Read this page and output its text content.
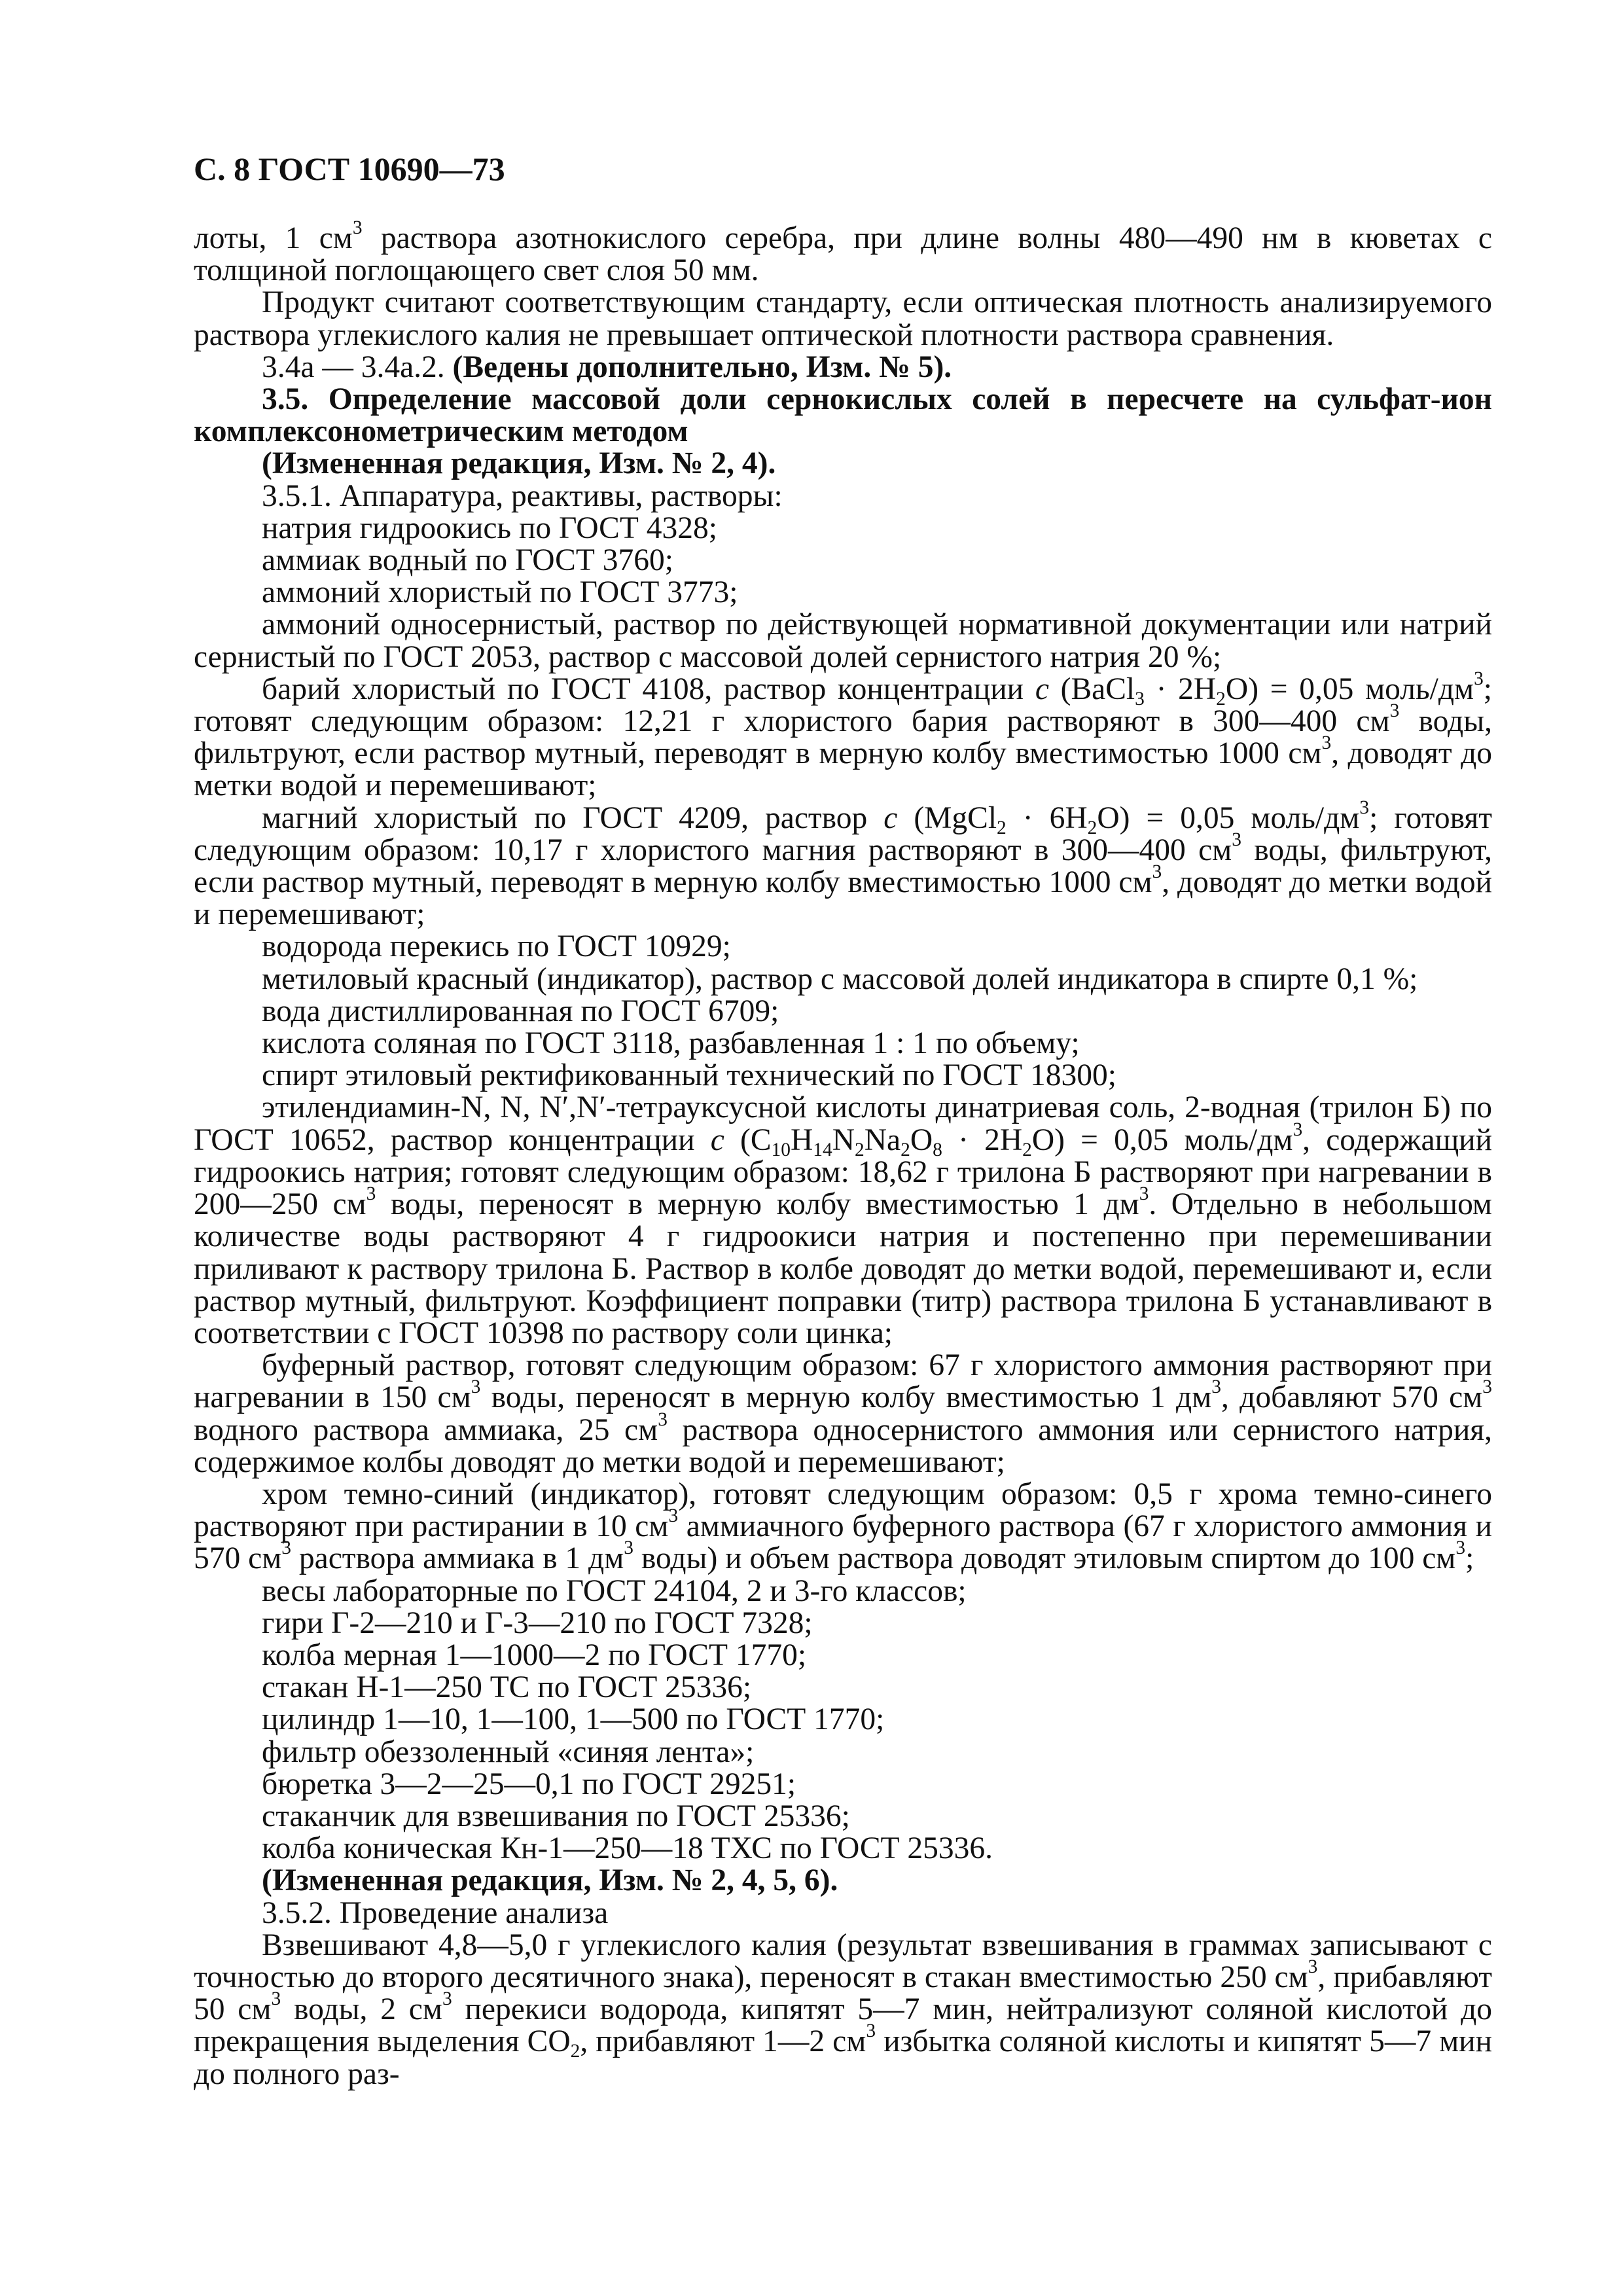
С. 8 ГОСТ 10690—73

лоты, 1 $см^3$ раствора азотнокислого серебра, при длине волны 480—490 нм в кюветах с толщиной поглощающего свет слоя 50 мм.

Продукт считают соответствующим стандарту, если оптическая плотность анализируемого раствора углекислого калия не превышает оптической плотности раствора сравнения.

3.4а — 3.4а.2. (Ведены дополнительно, Изм. № 5).

3.5. Определение массовой доли сернокислых солей в пересчете на сульфат-ион комплексонометрическим методом

(Измененная редакция, Изм. № 2, 4).

3.5.1. Аппаратура, реактивы, растворы:

натрия гидроокись по ГОСТ 4328;

аммиак водный по ГОСТ 3760;

аммоний хлористый по ГОСТ 3773;

аммоний односернистый, раствор по действующей нормативной документации или натрий сернистый по ГОСТ 2053, раствор с массовой долей сернистого натрия 20 %;

барий хлористый по ГОСТ 4108, раствор концентрации c (BaCl$_3$ · $2H_2O) = 0,05$ моль/$дм^3$; готовят следующим образом: 12,21 г хлористого бария растворяют в 300—400 $см^3$ воды, фильтруют, если раствор мутный, переводят в мерную колбу вместимостью 1000 $см^3$, доводят до метки водой и перемешивают;

магний хлористый по ГОСТ 4209, раствор c (MgCl$_2$ · $6H_2O) = 0,05$ моль/$дм^3$; готовят следующим образом: 10,17 г хлористого магния растворяют в 300—400 $см^3$ воды, фильтруют, если раствор мутный, переводят в мерную колбу вместимостью 1000 $см^3$, доводят до метки водой и перемешивают;

водорода перекись по ГОСТ 10929;

метиловый красный (индикатор), раствор с массовой долей индикатора в спирте 0,1 %;

вода дистиллированная по ГОСТ 6709;

кислота соляная по ГОСТ 3118, разбавленная 1 : 1 по объему;

спирт этиловый ректификованный технический по ГОСТ 18300;

этилендиамин-N, N, N′,N′-тетрауксусной кислоты динатриевая соль, 2-водная (трилон Б) по ГОСТ 10652, раствор концентрации c $(C_{10}H_{14}N_2Na_2O_8 \cdot 2H_2O) = 0,05$ моль/$дм^3$, содержащий гидроокись натрия; готовят следующим образом: 18,62 г трилона Б растворяют при нагревании в 200—250 $см^3$ воды, переносят в мерную колбу вместимостью 1 $дм^3$. Отдельно в небольшом количестве воды растворяют 4 г гидроокиси натрия и постепенно при перемешивании приливают к раствору трилона Б. Раствор в колбе доводят до метки водой, перемешивают и, если раствор мутный, фильтруют. Коэффициент поправки (титр) раствора трилона Б устанавливают в соответствии с ГОСТ 10398 по раствору соли цинка;

буферный раствор, готовят следующим образом: 67 г хлористого аммония растворяют при нагревании в 150 $см^3$ воды, переносят в мерную колбу вместимостью 1 $дм^3$, добавляют 570 $см^3$ водного раствора аммиака, 25 $см^3$ раствора односернистого аммония или сернистого натрия, содержимое колбы доводят до метки водой и перемешивают;

хром темно-синий (индикатор), готовят следующим образом: 0,5 г хрома темно-синего растворяют при растирании в 10 $см^3$ аммиачного буферного раствора (67 г хлористого аммония и 570 $см^3$ раствора аммиака в 1 $дм^3$ воды) и объем раствора доводят этиловым спиртом до 100 $см^3$;

весы лабораторные по ГОСТ 24104, 2 и 3-го классов;

гири Г-2—210 и Г-3—210 по ГОСТ 7328;

колба мерная 1—1000—2 по ГОСТ 1770;

стакан Н-1—250 ТС по ГОСТ 25336;

цилиндр 1—10, 1—100, 1—500 по ГОСТ 1770;

фильтр обеззоленный «синяя лента»;

бюретка 3—2—25—0,1 по ГОСТ 29251;

стаканчик для взвешивания по ГОСТ 25336;

колба коническая Кн-1—250—18 ТХС по ГОСТ 25336.

(Измененная редакция, Изм. № 2, 4, 5, 6).

3.5.2. Проведение анализа

Взвешивают 4,8—5,0 г углекислого калия (результат взвешивания в граммах записывают с точностью до второго десятичного знака), переносят в стакан вместимостью 250 $см^3$, прибавляют 50 $см^3$ воды, 2 $см^3$ перекиси водорода, кипятят 5—7 мин, нейтрализуют соляной кислотой до прекращения выделения $CO_2$, прибавляют 1—2 $см^3$ избытка соляной кислоты и кипятят 5—7 мин до полного раз-
